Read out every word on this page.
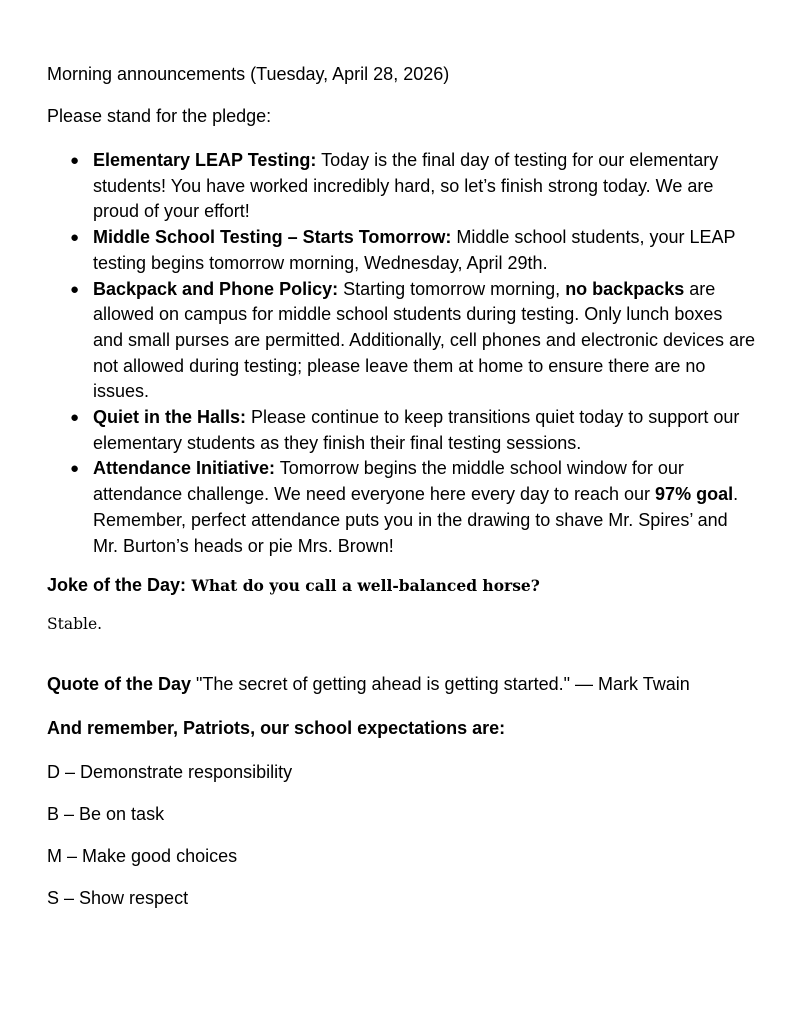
Morning announcements (Tuesday, April 28, 2026)

Please stand for the pledge:

● Elementary LEAP Testing: Today is the final day of testing for our elementary students! You have worked incredibly hard, so let’s finish strong today. We are proud of your effort!
● Middle School Testing – Starts Tomorrow: Middle school students, your LEAP testing begins tomorrow morning, Wednesday, April 29th.
● Backpack and Phone Policy: Starting tomorrow morning, no backpacks are allowed on campus for middle school students during testing. Only lunch boxes and small purses are permitted. Additionally, cell phones and electronic devices are not allowed during testing; please leave them at home to ensure there are no issues.
● Quiet in the Halls: Please continue to keep transitions quiet today to support our elementary students as they finish their final testing sessions.
● Attendance Initiative: Tomorrow begins the middle school window for our attendance challenge. We need everyone here every day to reach our 97% goal. Remember, perfect attendance puts you in the drawing to shave Mr. Spires’ and Mr. Burton’s heads or pie Mrs. Brown!

Joke of the Day: What do you call a well-balanced horse?

Stable.

Quote of the Day "The secret of getting ahead is getting started." — Mark Twain

And remember, Patriots, our school expectations are:

D – Demonstrate responsibility

B – Be on task

M – Make good choices

S – Show respect
